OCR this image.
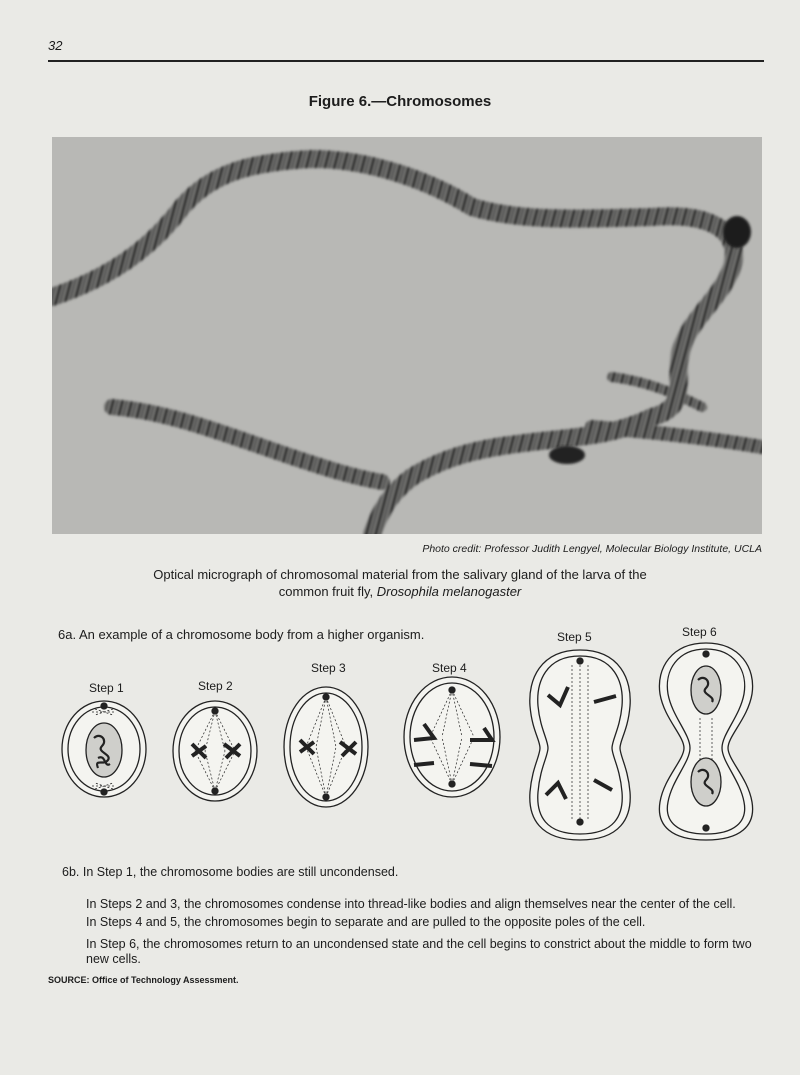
32
Figure 6.—Chromosomes
Photo credit: Professor Judith Lengyel, Molecular Biology Institute, UCLA
Optical micrograph of chromosomal material from the salivary gland of the larva of the
common fruit fly, Drosophila melanogaster
6a. An example of a chromosome body from a higher organism.
Step 1	Step 2
Step 3	Step 4
Step 5	Step 6
6b. In Step 1, the chromosome bodies are still uncondensed.
In Steps 2 and 3, the chromosomes condense into thread-like bodies and align themselves near the center of the cell.
In Steps 4 and 5, the chromosomes begin to separate and are pulled to the opposite poles of the cell.
In Step 6, the chromosomes return to an uncondensed state and the cell begins to constrict about the middle to form two new cells.
SOURCE: Office of Technology Assessment.
